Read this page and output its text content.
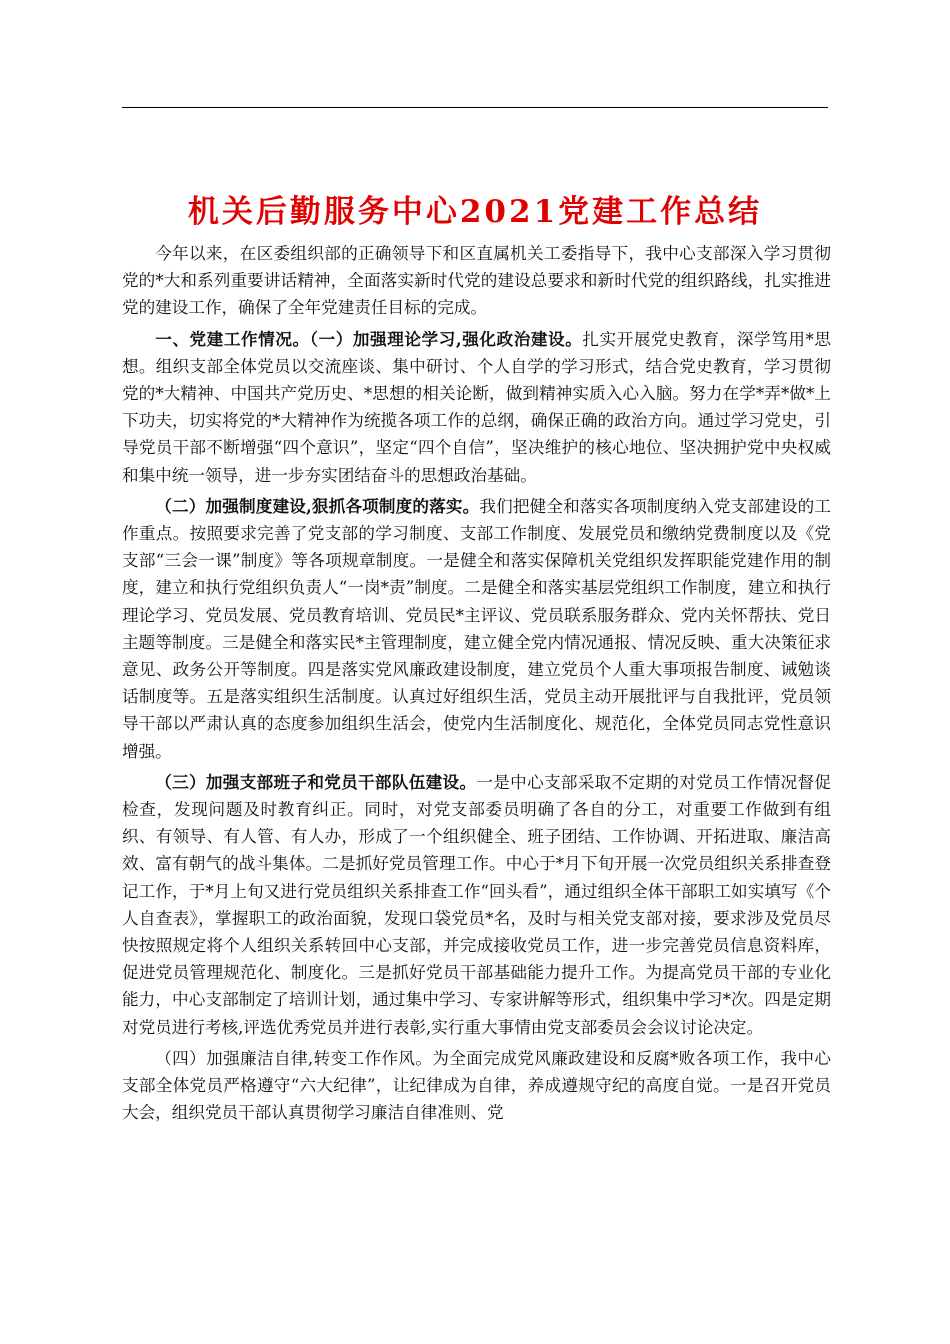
机关后勤服务中心2021党建工作总结

今年以来，在区委组织部的正确领导下和区直属机关工委指导下，我中心支部深入学习贯彻党的*大和系列重要讲话精神，全面落实新时代党的建设总要求和新时代党的组织路线，扎实推进党的建设工作，确保了全年党建责任目标的完成。

一、党建工作情况。（一）加强理论学习,强化政治建设。扎实开展党史教育，深学笃用*思想。组织支部全体党员以交流座谈、集中研讨、个人自学的学习形式，结合党史教育，学习贯彻党的*大精神、中国共产党历史、*思想的相关论断，做到精神实质入心入脑。努力在学*弄*做*上下功夫，切实将党的*大精神作为统揽各项工作的总纲，确保正确的政治方向。通过学习党史，引导党员干部不断增强“四个意识”，坚定“四个自信”，坚决维护的核心地位、坚决拥护党中央权威和集中统一领导，进一步夯实团结奋斗的思想政治基础。

（二）加强制度建设,狠抓各项制度的落实。我们把健全和落实各项制度纳入党支部建设的工作重点。按照要求完善了党支部的学习制度、支部工作制度、发展党员和缴纳党费制度以及《党支部“三会一课”制度》等各项规章制度。一是健全和落实保障机关党组织发挥职能党建作用的制度，建立和执行党组织负责人“一岗*责”制度。二是健全和落实基层党组织工作制度，建立和执行理论学习、党员发展、党员教育培训、党员民*主评议、党员联系服务群众、党内关怀帮扶、党日主题等制度。三是健全和落实民*主管理制度，建立健全党内情况通报、情况反映、重大决策征求意见、政务公开等制度。四是落实党风廉政建设制度，建立党员个人重大事项报告制度、诫勉谈话制度等。五是落实组织生活制度。认真过好组织生活，党员主动开展批评与自我批评，党员领导干部以严肃认真的态度参加组织生活会，使党内生活制度化、规范化，全体党员同志党性意识增强。

（三）加强支部班子和党员干部队伍建设。一是中心支部采取不定期的对党员工作情况督促检查，发现问题及时教育纠正。同时，对党支部委员明确了各自的分工，对重要工作做到有组织、有领导、有人管、有人办，形成了一个组织健全、班子团结、工作协调、开拓进取、廉洁高效、富有朝气的战斗集体。二是抓好党员管理工作。中心于*月下旬开展一次党员组织关系排查登记工作，于*月上旬又进行党员组织关系排查工作“回头看”，通过组织全体干部职工如实填写《个人自查表》，掌握职工的政治面貌，发现口袋党员*名，及时与相关党支部对接，要求涉及党员尽快按照规定将个人组织关系转回中心支部，并完成接收党员工作，进一步完善党员信息资料库，促进党员管理规范化、制度化。三是抓好党员干部基础能力提升工作。为提高党员干部的专业化能力，中心支部制定了培训计划，通过集中学习、专家讲解等形式，组织集中学习*次。四是定期对党员进行考核,评选优秀党员并进行表彰,实行重大事情由党支部委员会会议讨论决定。

（四）加强廉洁自律,转变工作作风。为全面完成党风廉政建设和反腐*败各项工作，我中心支部全体党员严格遵守“六大纪律”，让纪律成为自律，养成遵规守纪的高度自觉。一是召开党员大会，组织党员干部认真贯彻学习廉洁自律准则、党
